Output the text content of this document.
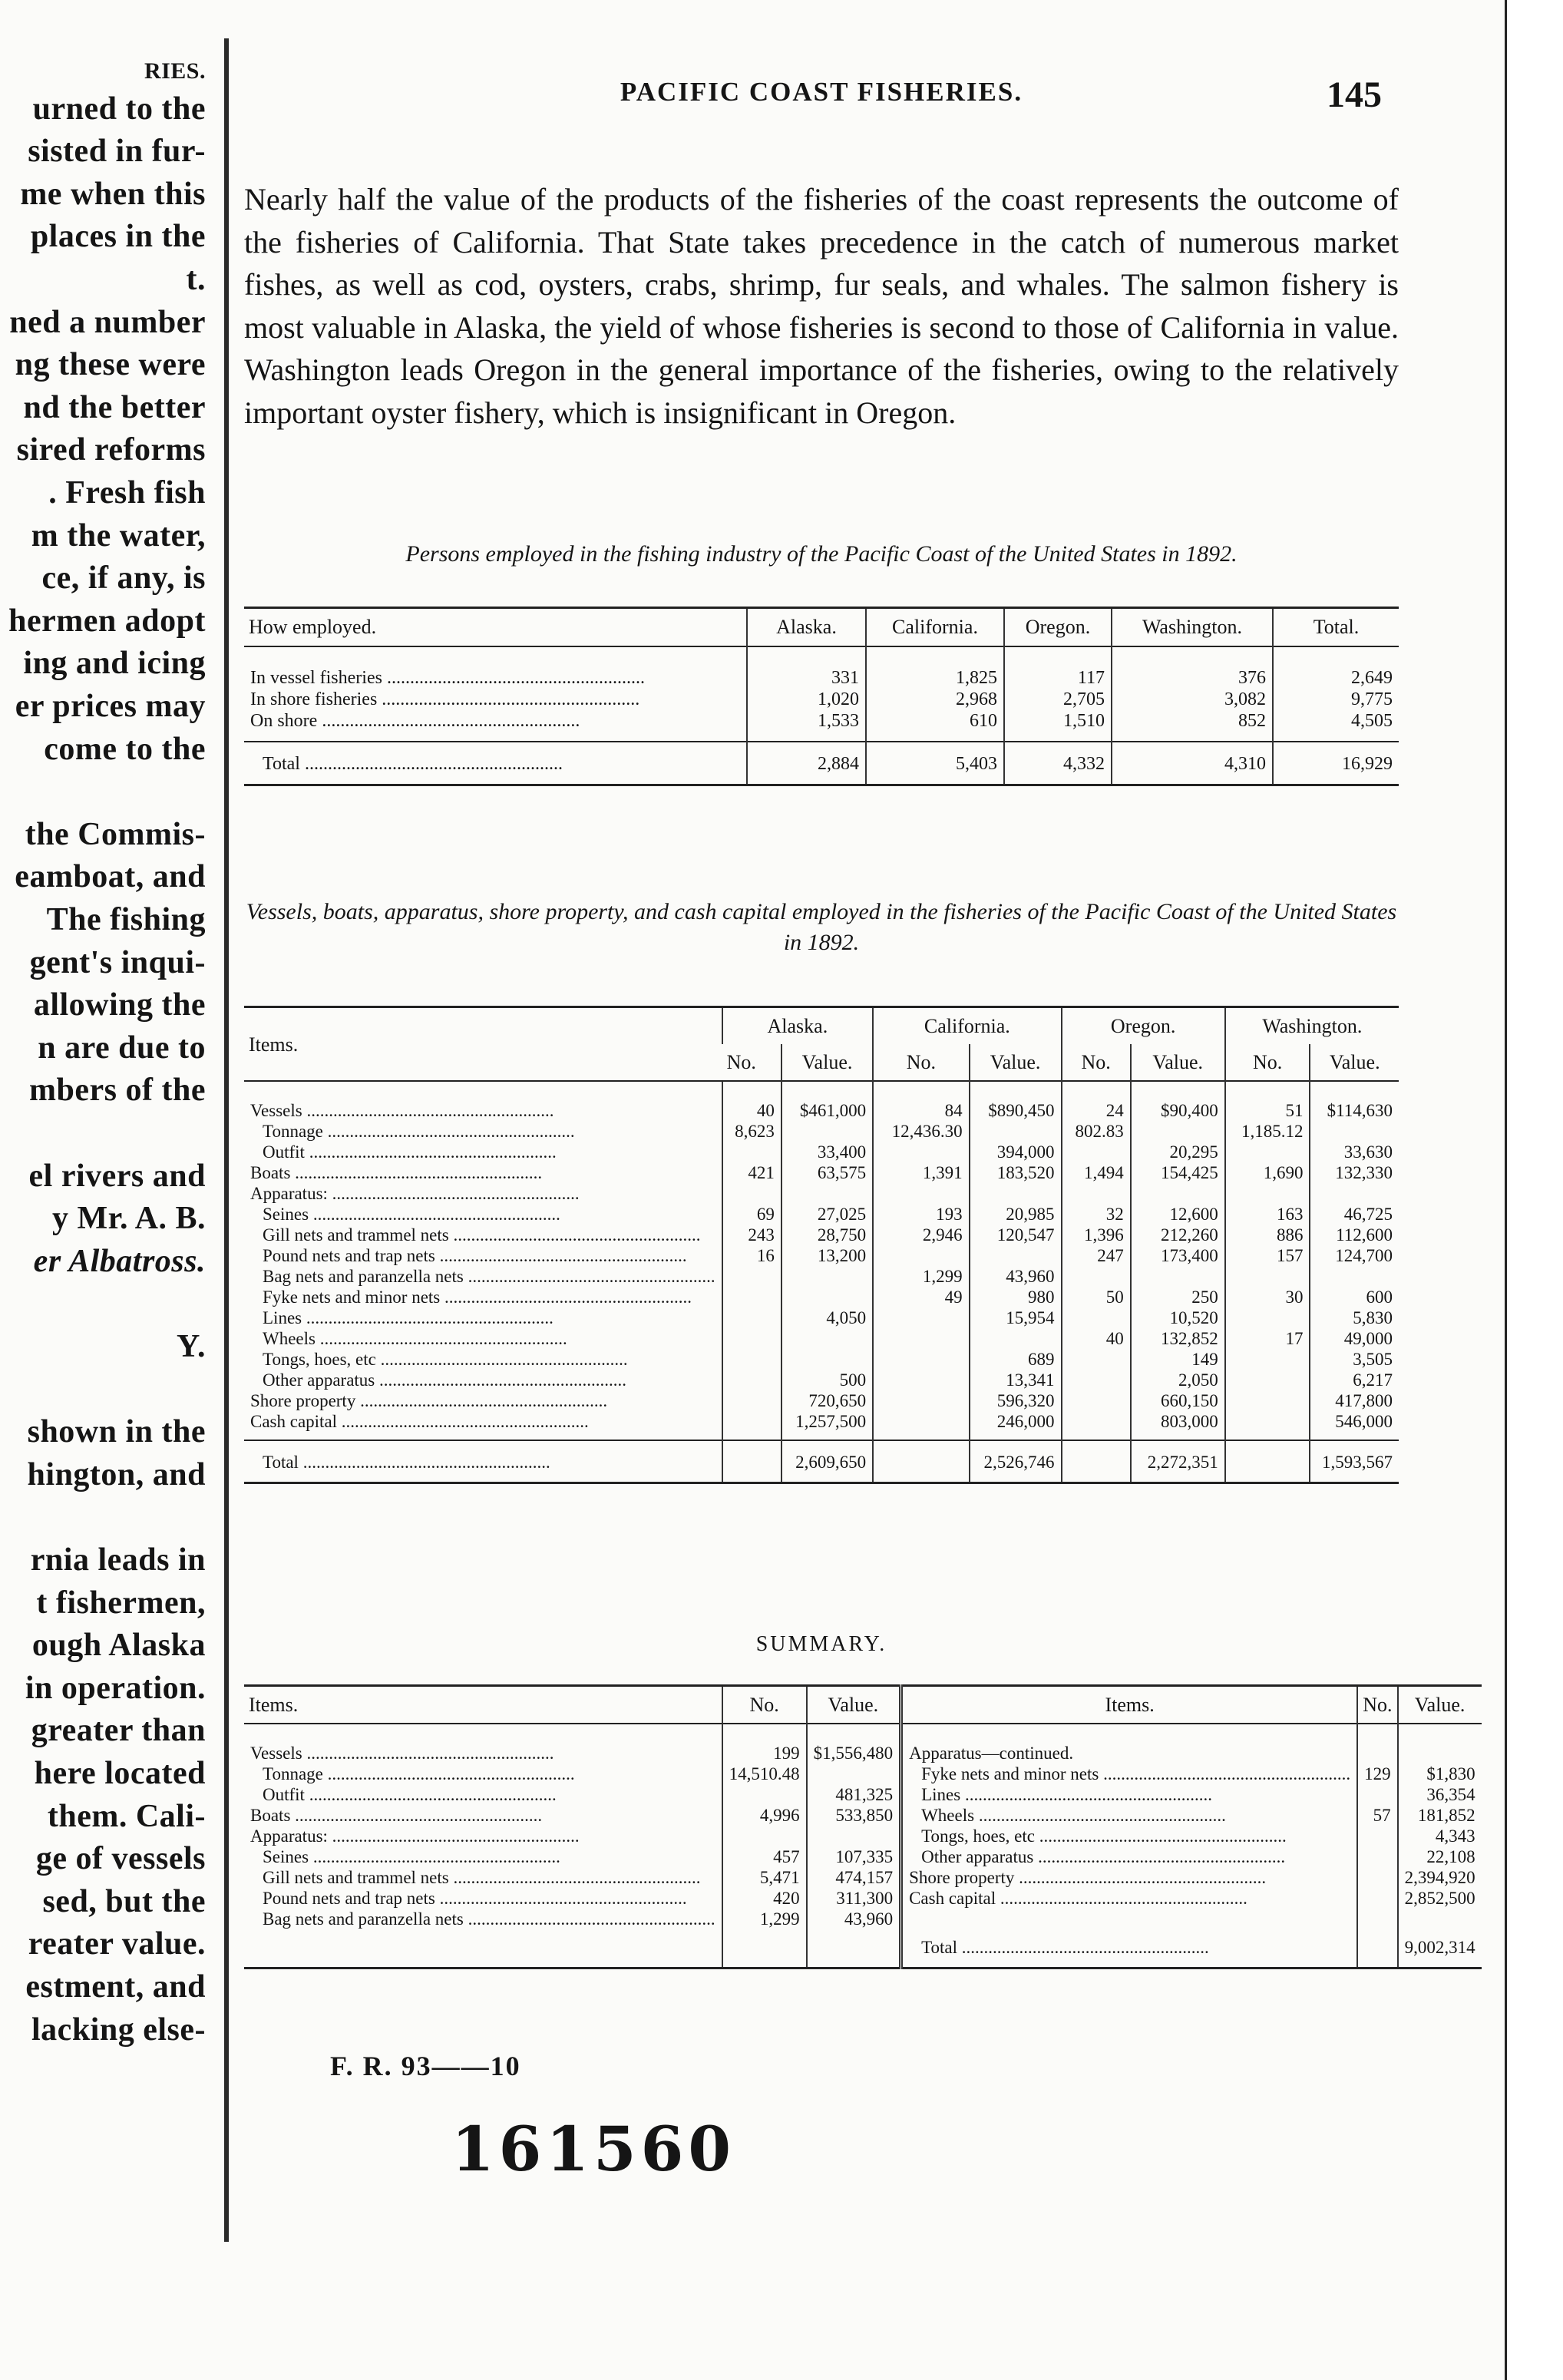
RIES.
urned to the
sisted in fur-
me when this
places in the
t.
ned a number
ng these were
nd the better
sired reforms
. Fresh fish
m the water,
ce, if any, is
hermen adopt
ing and icing
er prices may
come to the
the Commis-
eamboat, and
The fishing
gent's inqui-
allowing the
n are due to
mbers of the
el rivers and
y Mr. A. B.
er Albatross.
Y.
shown in the
hington, and
rnia leads in
t fishermen,
ough Alaska
in operation.
greater than
here located
them. Cali-
ge of vessels
sed, but the
reater value.
estment, and
lacking else-
PACIFIC COAST FISHERIES.	145

Nearly half the value of the products of the fisheries of the coast represents the outcome of the fisheries of California. That State takes precedence in the catch of numerous market fishes, as well as cod, oysters, crabs, shrimp, fur seals, and whales. The salmon fishery is most valuable in Alaska, the yield of whose fisheries is second to those of California in value. Washington leads Oregon in the general importance of the fisheries, owing to the relatively important oyster fishery, which is insignificant in Oregon.

Persons employed in the fishing industry of the Pacific Coast of the United States in 1892.
How employed.	Alaska.	California.	Oregon.	Washington.	Total.

In vessel fisheries .....	331	1,825	117	376	2,649

In shore fisheries .....	1,020	2,968	2,705	3,082	9,775

On shore .....	1,533	610	1,510	852	4,505

Total .....	2,884	5,403	4,332	4,310	16,929
Vessels, boats, apparatus, shore property, and cash capital employed in the fisheries of the Pacific Coast of the United States in 1892.
Items.	Alaska.		California.		Oregon.		Washington.	
	No.	Value.	No.	Value.	No.	Value.	No.	Value.

Vessels .....	40	$461,000	84	$890,450	24	$90,400	51	$114,630

Tonnage .....	8,623		12,436.30		802.83		1,185.12	

Outfit .....		33,400		394,000		20,295		33,630

Boats .....	421	63,575	1,391	183,520	1,494	154,425	1,690	132,330

Apparatus: .....

Seines .....	69	27,025	193	20,985	32	12,600	163	46,725

Gill nets and trammel nets .....	243	28,750	2,946	120,547	1,396	212,260	886	112,600

Pound nets and trap nets .....	16	13,200			247	173,400	157	124,700

Bag nets and paranzella nets .....			1,299	43,960				

Fyke nets and minor nets .....			49	980	50	250	30	600

Lines .....		4,050		15,954		10,520		5,830

Wheels .....					40	132,852	17	49,000

Tongs, hoes, etc .....				689		149		3,505

Other apparatus .....		500		13,341		2,050		6,217

Shore property .....		720,650		596,320		660,150		417,800

Cash capital .....		1,257,500		246,000		803,000		546,000

Total .....		2,609,650		2,526,746		2,272,351		1,593,567
SUMMARY.
Items.	No.	Value.	Items.	No.	Value.

Vessels .....	199	$1,556,480	Apparatus—continued.		

Tonnage .....	14,510.48		Fyke nets and minor nets .....	129	$1,830

Outfit .....		481,325	Lines .....		36,354

Boats .....	4,996	533,850	Wheels .....	57	181,852

Apparatus: .....			Tongs, hoes, etc .....		4,343

Seines .....	457	107,335	Other apparatus .....		22,108

Gill nets and trammel nets .....	5,471	474,157	Shore property .....		2,394,920

Pound nets and trap nets .....	420	311,300	Cash capital .....		2,852,500

Bag nets and paranzella nets .....	1,299	43,960			

			Total .....		9,002,314
F. R. 93——10
161560
